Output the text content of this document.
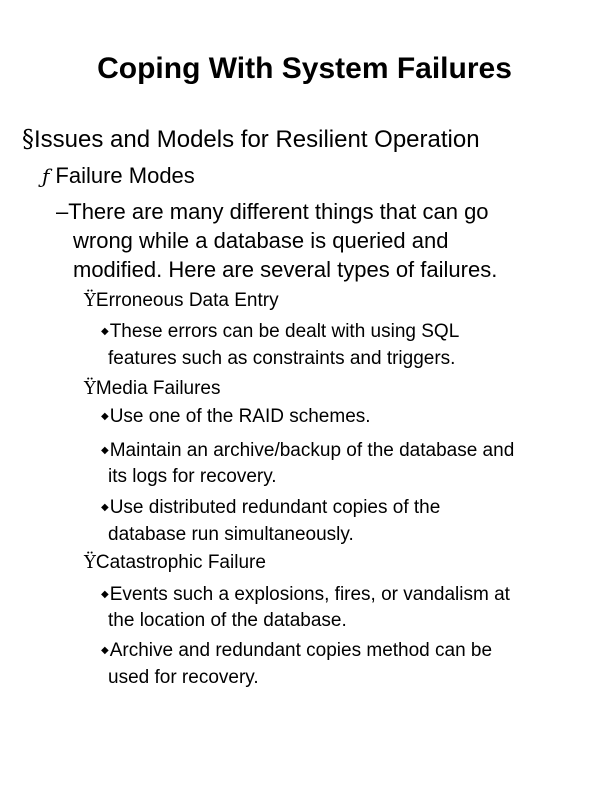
Coping With System Failures
§Issues and Models for Resilient Operation
ƒ Failure Modes
–There are many different things that can go
wrong while a database is queried and
modified. Here are several types of failures.
ŸErroneous Data Entry
◆These errors can be dealt with using SQL
features such as constraints and triggers.
ŸMedia Failures
◆Use one of the RAID schemes.
◆Maintain an archive/backup of the database and
its logs for recovery.
◆Use distributed redundant copies of the
database run simultaneously.
ŸCatastrophic Failure
◆Events such a explosions, fires, or vandalism at
the location of the database.
◆Archive and redundant copies method can be
used for recovery.
